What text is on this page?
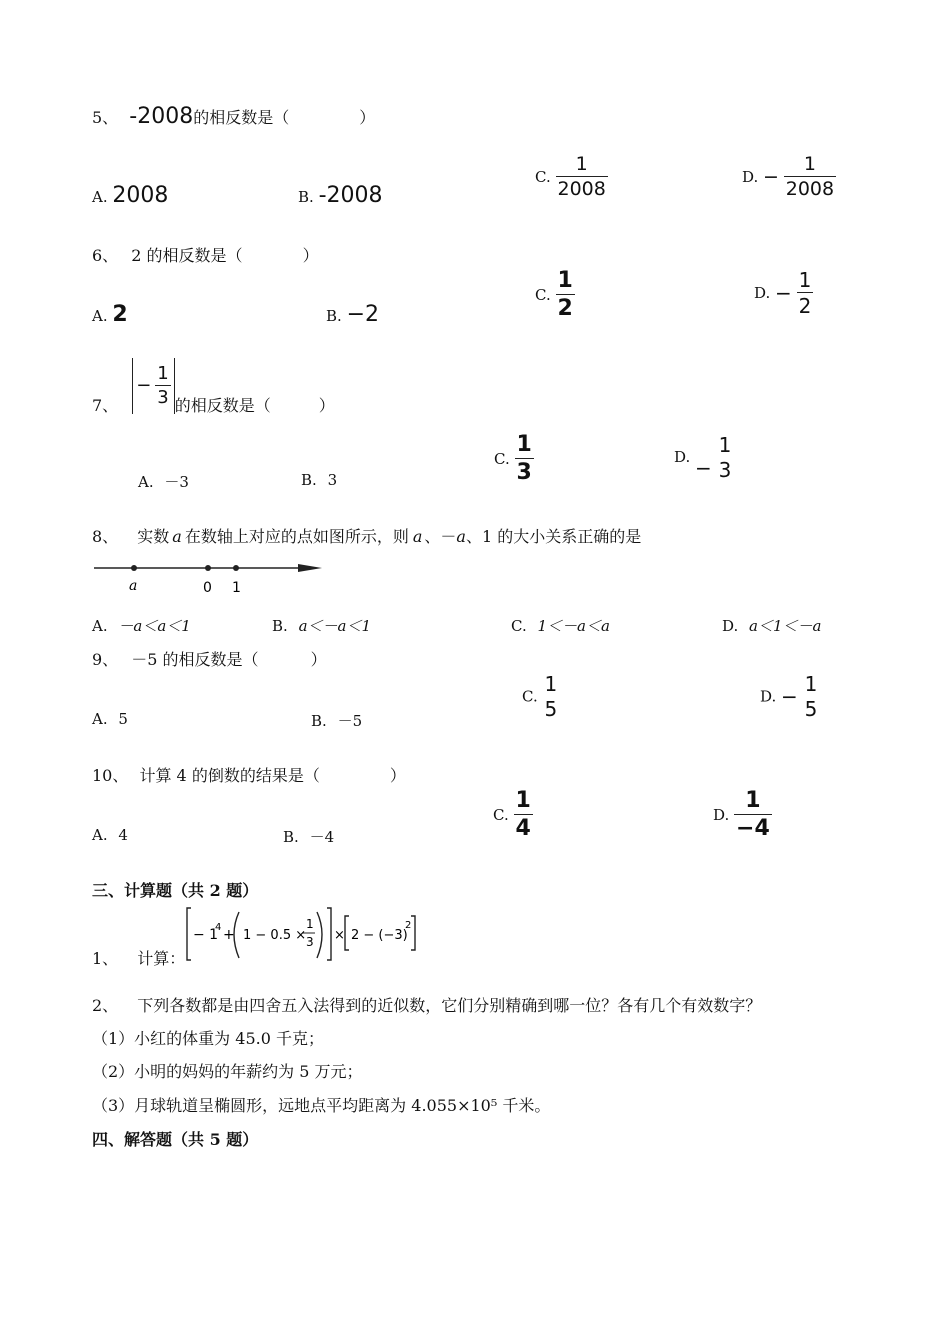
5、 -2008的相反数是（	）
A. 2008	B. -2008
C. $\frac{1}{2008}$	D. − $\frac{1}{2008}$
6、 2 的相反数是（	）
A. 2	B. −2
C. $\frac{1}{2}$	D. − $\frac{1}{2}$
7、
− $\frac{1}{3}$ 的相反数是（	）
A. －3	B. 3
C. $\frac{1}{3}$	D. −
1
3
8、 实数 a 在数轴上对应的点如图所示，则 a 、－a、1 的大小关系正确的是
a	0 1
A. －a＜a＜1	B. a＜－a＜1	C. 1＜－a＜a	D. a＜1＜－a
9、 －5 的相反数是（	）
A. 5	B. －5
C.
1
5
D. −
1
5
10、 计算 4 的倒数的结果是（	）
A. 4	B. －4
C. $\frac{1}{4}$	D. $\frac{1}{-4}$
三、计算题（共 2 题）
1、 计算：
− 1
4 + 1 − 0.5 ×
1
3 × 2 − (−3)
2
2、 下列各数都是由四舍五入法得到的近似数，它们分别精确到哪一位？各有几个有效数字？
（1）小红的体重为 45.0 千克；
（2）小明的妈妈的年薪约为 5 万元；
（3）月球轨道呈椭圆形，远地点平均距离为 4.055×10⁵ 千米。
四、解答题（共 5 题）
